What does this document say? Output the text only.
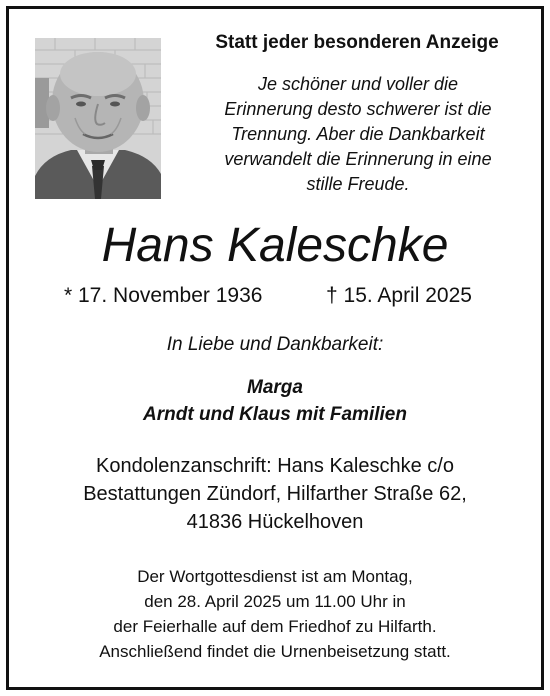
Statt jeder besonderen Anzeige
Je schöner und voller die
Erinnerung desto schwerer ist die
Trennung. Aber die Dankbarkeit
verwandelt die Erinnerung in eine
stille Freude.
Hans Kaleschke
* 17. November 1936	† 15. April 2025
In Liebe und Dankbarkeit:
Marga
Arndt und Klaus mit Familien
Kondolenzanschrift: Hans Kaleschke c/o
Bestattungen Zündorf, Hilfarther Straße 62,
41836 Hückelhoven
Der Wortgottesdienst ist am Montag,
den 28. April 2025 um 11.00 Uhr in
der Feierhalle auf dem Friedhof zu Hilfarth.
Anschließend findet die Urnenbeisetzung statt.
